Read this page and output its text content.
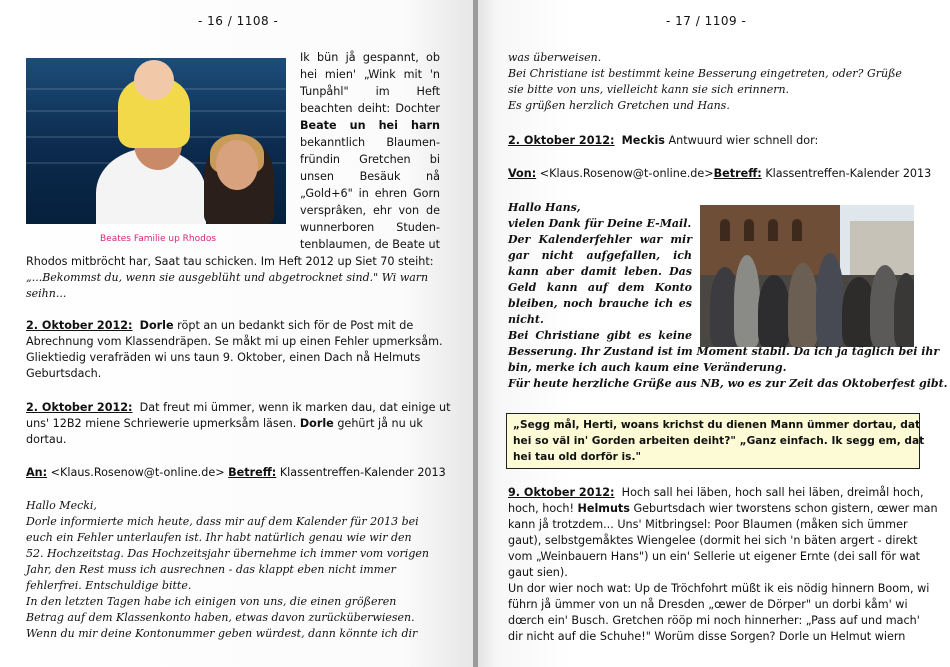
- 16 / 1108 -
Beates Familie up Rhodos
Ik bün jå gespannt, ob
hei mien' „Wink mit 'n
Tunpåhl" im Heft
beachten deiht: Dochter
Beate un hei harn
bekanntlich Blaumen-
fründin Gretchen bi
unsen Besäuk nå
„Gold+6" in ehren Gorn
versprâken, ehr von de
wunnerboren Studen-
tenblaumen, de Beate ut
Rhodos mitbröcht har, Saat tau schicken. Im Heft 2012 up Siet 70 steiht:
„...Bekommst du, wenn sie ausgeblüht und abgetrocknet sind." Wi warn
seihn...
2. Oktober 2012: Dorle röpt an un bedankt sich för de Post mit de
Abrechnung vom Klassendräpen. Se måkt mi up einen Fehler upmerksåm.
Gliektiedig verafräden wi uns taun 9. Oktober, einen Dach nå Helmuts
Geburtsdach.
2. Oktober 2012: Dat freut mi ümmer, wenn ik marken dau, dat einige ut
uns' 12B2 miene Schriewerie upmerksåm läsen. Dorle gehürt jå nu uk
dortau.
An: <Klaus.Rosenow@t-online.de> Betreff: Klassentreffen-Kalender 2013
Hallo Mecki,
Dorle informierte mich heute, dass mir auf dem Kalender für 2013 bei
euch ein Fehler unterlaufen ist. Ihr habt natürlich genau wie wir den
52. Hochzeitstag. Das Hochzeitsjahr übernehme ich immer vom vorigen
Jahr, den Rest muss ich ausrechnen - das klappt eben nicht immer
fehlerfrei. Entschuldige bitte.
In den letzten Tagen habe ich einigen von uns, die einen größeren
Betrag auf dem Klassenkonto haben, etwas davon zurücküberwiesen.
Wenn du mir deine Kontonummer geben würdest, dann könnte ich dir
- 17 / 1109 -
was überweisen.
Bei Christiane ist bestimmt keine Besserung eingetreten, oder? Grüße
sie bitte von uns, vielleicht kann sie sich erinnern.
Es grüßen herzlich Gretchen und Hans.
2. Oktober 2012: Meckis Antwuurd wier schnell dor:
Von: <Klaus.Rosenow@t-online.de>Betreff: Klassentreffen-Kalender 2013
Hallo Hans,
vielen Dank für Deine E-Mail.
Der Kalenderfehler war mir
gar nicht aufgefallen, ich
kann aber damit leben. Das
Geld kann auf dem Konto
bleiben, noch brauche ich es
nicht.
Bei Christiane gibt es keine
Besserung. Ihr Zustand ist im Moment stabil. Da ich ja täglich bei ihr
bin, merke ich auch kaum eine Veränderung.
Für heute herzliche Grüße aus NB, wo es zur Zeit das Oktoberfest gibt.
„Segg mål, Herti, woans krichst du dienen Mann ümmer dortau, dat
hei so väl in' Gorden arbeiten deiht?" „Ganz einfach. Ik segg em, dat
hei tau old dorför is."
9. Oktober 2012: Hoch sall hei läben, hoch sall hei läben, dreimål hoch,
hoch, hoch! Helmuts Geburtsdach wier tworstens schon gistern, œwer man
kann jå trotzdem... Uns' Mitbringsel: Poor Blaumen (måken sich ümmer
gaut), selbstgemåktes Wiengelee (dormit hei sich 'n bäten argert - direkt
vom „Weinbauern Hans") un ein' Sellerie ut eigener Ernte (dei sall för wat
gaut sien).
Un dor wier noch wat: Up de Tröchfohrt müßt ik eis nödig hinnern Boom, wi
führn jå ümmer von un nå Dresden „œwer de Dörper" un dorbi kåm' wi
dœrch ein' Busch. Gretchen rööp mi noch hinnerher: „Pass auf und mach'
dir nicht auf die Schuhe!" Worüm disse Sorgen? Dorle un Helmut wiern
